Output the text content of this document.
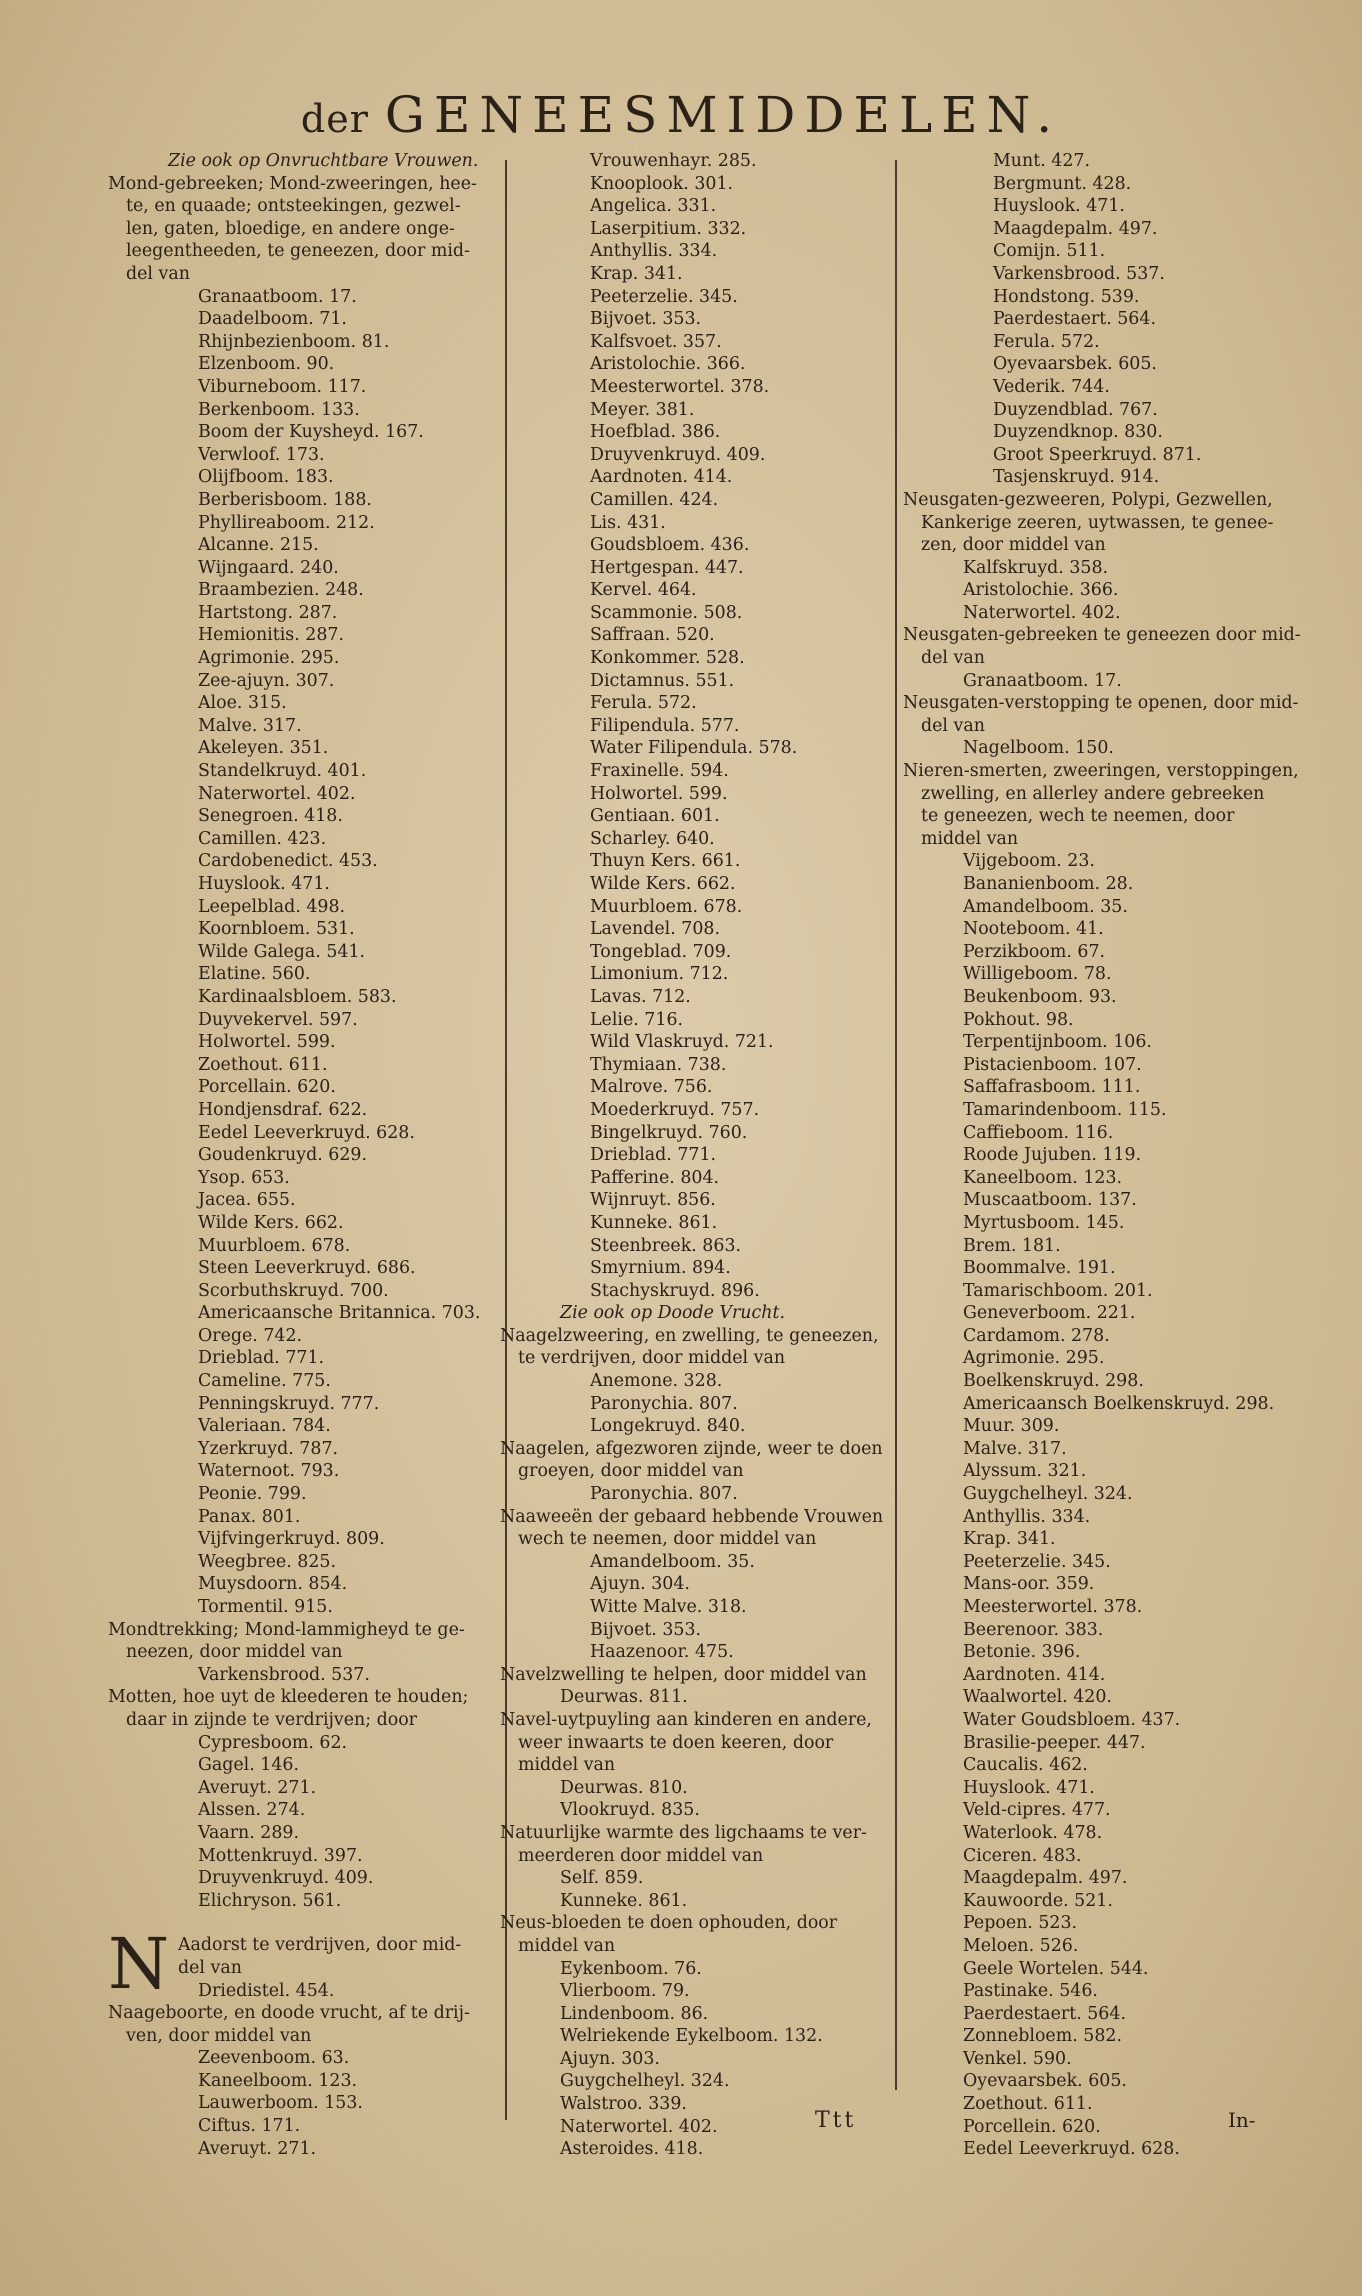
der GENEESMIDDELEN.
Zie ook op Onvruchtbare Vrouwen.
Mond-gebreeken; Mond-zweeringen, hee-
te, en quaade; ontsteekingen, gezwel-
len, gaten, bloedige, en andere onge-
leegentheeden, te geneezen, door mid-
del van
Granaatboom. 17.
Daadelboom. 71.
Rhijnbezienboom. 81.
Elzenboom. 90.
Viburneboom. 117.
Berkenboom. 133.
Boom der Kuysheyd. 167.
Verwloof. 173.
Olijfboom. 183.
Berberisboom. 188.
Phyllireaboom. 212.
Alcanne. 215.
Wijngaard. 240.
Braambezien. 248.
Hartstong. 287.
Hemionitis. 287.
Agrimonie. 295.
Zee-ajuyn. 307.
Aloe. 315.
Malve. 317.
Akeleyen. 351.
Standelkruyd. 401.
Naterwortel. 402.
Senegroen. 418.
Camillen. 423.
Cardobenedict. 453.
Huyslook. 471.
Leepelblad. 498.
Koornbloem. 531.
Wilde Galega. 541.
Elatine. 560.
Kardinaalsbloem. 583.
Duyvekervel. 597.
Holwortel. 599.
Zoethout. 611.
Porcellain. 620.
Hondjensdraf. 622.
Eedel Leeverkruyd. 628.
Goudenkruyd. 629.
Ysop. 653.
Jacea. 655.
Wilde Kers. 662.
Muurbloem. 678.
Steen Leeverkruyd. 686.
Scorbuthskruyd. 700.
Americaansche Britannica. 703.
Orege. 742.
Drieblad. 771.
Cameline. 775.
Penningskruyd. 777.
Valeriaan. 784.
Yzerkruyd. 787.
Waternoot. 793.
Peonie. 799.
Panax. 801.
Vijfvingerkruyd. 809.
Weegbree. 825.
Muysdoorn. 854.
Tormentil. 915.
Mondtrekking; Mond-lammigheyd te ge-
neezen, door middel van
Varkensbrood. 537.
Motten, hoe uyt de kleederen te houden;
daar in zijnde te verdrijven; door
Cypresboom. 62.
Gagel. 146.
Averuyt. 271.
Alssen. 274.
Vaarn. 289.
Mottenkruyd. 397.
Druyvenkruyd. 409.
Elichryson. 561.
N Aadorst te verdrijven, door mid-
del van
Driedistel. 454.
Naageboorte, en doode vrucht, af te drij-
ven, door middel van
Zeevenboom. 63.
Kaneelboom. 123.
Lauwerboom. 153.
Ciftus. 171.
Averuyt. 271.
Vrouwenhayr. 285.
Knooplook. 301.
Angelica. 331.
Laserpitium. 332.
Anthyllis. 334.
Krap. 341.
Peeterzelie. 345.
Bijvoet. 353.
Kalfsvoet. 357.
Aristolochie. 366.
Meesterwortel. 378.
Meyer. 381.
Hoefblad. 386.
Druyvenkruyd. 409.
Aardnoten. 414.
Camillen. 424.
Lis. 431.
Goudsbloem. 436.
Hertgespan. 447.
Kervel. 464.
Scammonie. 508.
Saffraan. 520.
Konkommer. 528.
Dictamnus. 551.
Ferula. 572.
Filipendula. 577.
Water Filipendula. 578.
Fraxinelle. 594.
Holwortel. 599.
Gentiaan. 601.
Scharley. 640.
Thuyn Kers. 661.
Wilde Kers. 662.
Muurbloem. 678.
Lavendel. 708.
Tongeblad. 709.
Limonium. 712.
Lavas. 712.
Lelie. 716.
Wild Vlaskruyd. 721.
Thymiaan. 738.
Malrove. 756.
Moederkruyd. 757.
Bingelkruyd. 760.
Drieblad. 771.
Pafferine. 804.
Wijnruyt. 856.
Kunneke. 861.
Steenbreek. 863.
Smyrnium. 894.
Stachyskruyd. 896.
Zie ook op Doode Vrucht.
Naagelzweering, en zwelling, te geneezen,
te verdrijven, door middel van
Anemone. 328.
Paronychia. 807.
Longekruyd. 840.
Naagelen, afgezworen zijnde, weer te doen
groeyen, door middel van
Paronychia. 807.
Naaweeën der gebaard hebbende Vrouwen
wech te neemen, door middel van
Amandelboom. 35.
Ajuyn. 304.
Witte Malve. 318.
Bijvoet. 353.
Haazenoor. 475.
Navelzwelling te helpen, door middel van
Deurwas. 811.
Navel-uytpuyling aan kinderen en andere,
weer inwaarts te doen keeren, door
middel van
Deurwas. 810.
Vlookruyd. 835.
Natuurlijke warmte des ligchaams te ver-
meerderen door middel van
Self. 859.
Kunneke. 861.
Neus-bloeden te doen ophouden, door
middel van
Eykenboom. 76.
Vlierboom. 79.
Lindenboom. 86.
Welriekende Eykelboom. 132.
Ajuyn. 303.
Guygchelheyl. 324.
Walstroo. 339.
Naterwortel. 402.
Asteroides. 418.
Munt. 427.
Bergmunt. 428.
Huyslook. 471.
Maagdepalm. 497.
Comijn. 511.
Varkensbrood. 537.
Hondstong. 539.
Paerdestaert. 564.
Ferula. 572.
Oyevaarsbek. 605.
Vederik. 744.
Duyzendblad. 767.
Duyzendknop. 830.
Groot Speerkruyd. 871.
Tasjenskruyd. 914.
Neusgaten-gezweeren, Polypi, Gezwellen,
Kankerige zeeren, uytwassen, te genee-
zen, door middel van
Kalfskruyd. 358.
Aristolochie. 366.
Naterwortel. 402.
Neusgaten-gebreeken te geneezen door mid-
del van
Granaatboom. 17.
Neusgaten-verstopping te openen, door mid-
del van
Nagelboom. 150.
Nieren-smerten, zweeringen, verstoppingen,
zwelling, en allerley andere gebreeken
te geneezen, wech te neemen, door
middel van
Vijgeboom. 23.
Bananienboom. 28.
Amandelboom. 35.
Nooteboom. 41.
Perzikboom. 67.
Willigeboom. 78.
Beukenboom. 93.
Pokhout. 98.
Terpentijnboom. 106.
Pistacienboom. 107.
Saffafrasboom. 111.
Tamarindenboom. 115.
Caffieboom. 116.
Roode Jujuben. 119.
Kaneelboom. 123.
Muscaatboom. 137.
Myrtusboom. 145.
Brem. 181.
Boommalve. 191.
Tamarischboom. 201.
Geneverboom. 221.
Cardamom. 278.
Agrimonie. 295.
Boelkenskruyd. 298.
Americaansch Boelkenskruyd. 298.
Muur. 309.
Malve. 317.
Alyssum. 321.
Guygchelheyl. 324.
Anthyllis. 334.
Krap. 341.
Peeterzelie. 345.
Mans-oor. 359.
Meesterwortel. 378.
Beerenoor. 383.
Betonie. 396.
Aardnoten. 414.
Waalwortel. 420.
Water Goudsbloem. 437.
Brasilie-peeper. 447.
Caucalis. 462.
Huyslook. 471.
Veld-cipres. 477.
Waterlook. 478.
Ciceren. 483.
Maagdepalm. 497.
Kauwoorde. 521.
Pepoen. 523.
Meloen. 526.
Geele Wortelen. 544.
Pastinake. 546.
Paerdestaert. 564.
Zonnebloem. 582.
Venkel. 590.
Oyevaarsbek. 605.
Zoethout. 611.
Porcellein. 620.
Eedel Leeverkruyd. 628.
Ttt	In-
